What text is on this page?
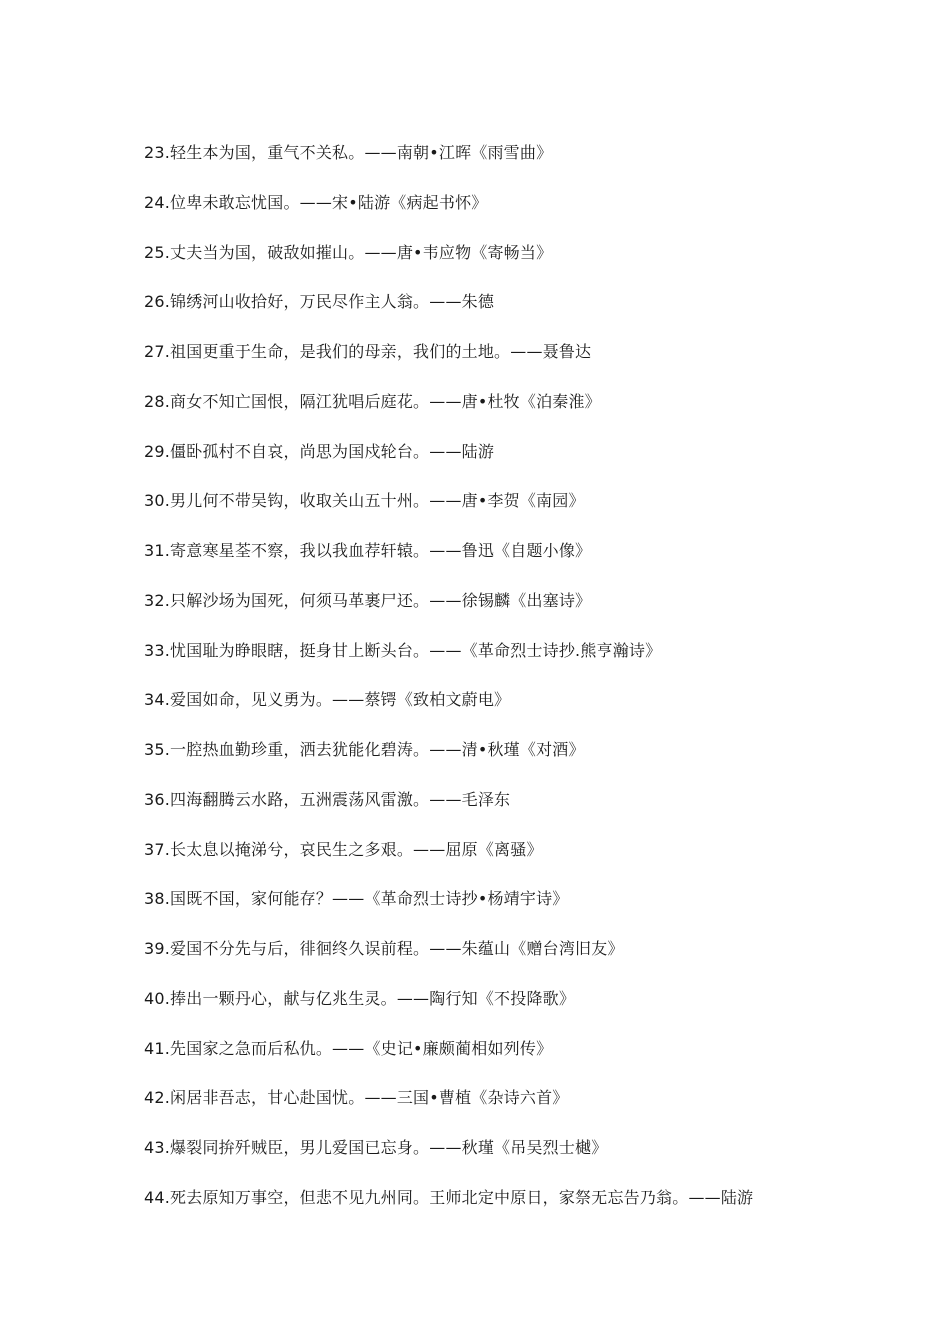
23.轻生本为国，重气不关私。——南朝•江晖《雨雪曲》
24.位卑未敢忘忧国。——宋•陆游《病起书怀》
25.丈夫当为国，破敌如摧山。——唐•韦应物《寄畅当》
26.锦绣河山收拾好，万民尽作主人翁。——朱德
27.祖国更重于生命，是我们的母亲，我们的土地。——聂鲁达
28.商女不知亡国恨，隔江犹唱后庭花。——唐•杜牧《泊秦淮》
29.僵卧孤村不自哀，尚思为国戍轮台。——陆游
30.男儿何不带吴钩，收取关山五十州。——唐•李贺《南园》
31.寄意寒星荃不察，我以我血荐轩辕。——鲁迅《自题小像》
32.只解沙场为国死，何须马革裹尸还。——徐锡麟《出塞诗》
33.忧国耻为睁眼瞎，挺身甘上断头台。——《革命烈士诗抄.熊亨瀚诗》
34.爱国如命，见义勇为。——蔡锷《致柏文蔚电》
35.一腔热血勤珍重，洒去犹能化碧涛。——清•秋瑾《对酒》
36.四海翻腾云水路，五洲震荡风雷激。——毛泽东
37.长太息以掩涕兮，哀民生之多艰。——屈原《离骚》
38.国既不国，家何能存？——《革命烈士诗抄•杨靖宇诗》
39.爱国不分先与后，徘徊终久误前程。——朱蕴山《赠台湾旧友》
40.捧出一颗丹心，献与亿兆生灵。——陶行知《不投降歌》
41.先国家之急而后私仇。——《史记•廉颇蔺相如列传》
42.闲居非吾志，甘心赴国忧。——三国•曹植《杂诗六首》
43.爆裂同拚歼贼臣，男儿爱国已忘身。——秋瑾《吊吴烈士樾》
44.死去原知万事空，但悲不见九州同。王师北定中原日，家祭无忘告乃翁。——陆游
